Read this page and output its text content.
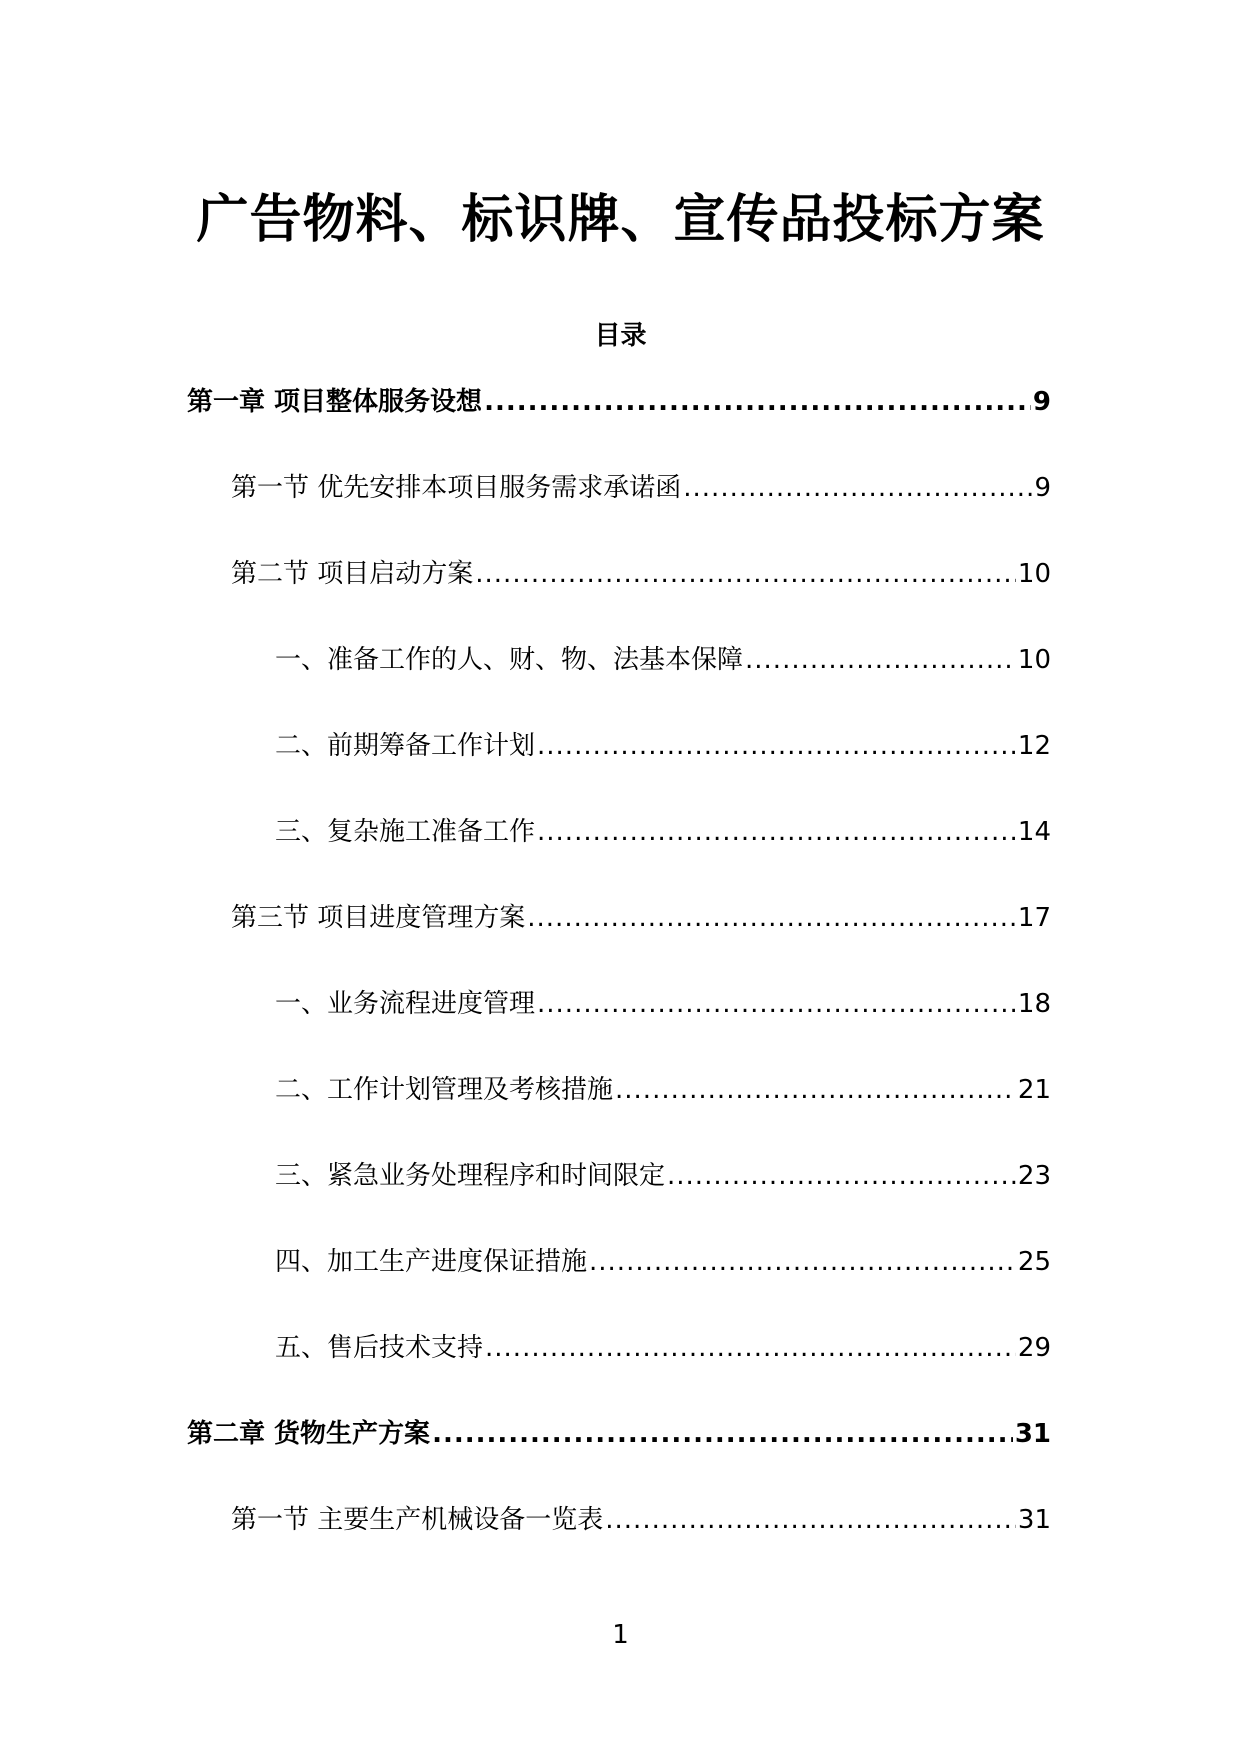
广告物料、标识牌、宣传品投标方案
目录
第一章 项目整体服务设想 .....	9
第一节 优先安排本项目服务需求承诺函 .....	9
第二节 项目启动方案 .....	10
一、准备工作的人、财、物、法基本保障 .....	10
二、前期筹备工作计划 .....	12
三、复杂施工准备工作 .....	14
第三节 项目进度管理方案 .....	17
一、业务流程进度管理 .....	18
二、工作计划管理及考核措施 .....	21
三、紧急业务处理程序和时间限定 .....	23
四、加工生产进度保证措施 .....	25
五、售后技术支持 .....	29
第二章 货物生产方案 .....	31
第一节 主要生产机械设备一览表 .....	31
1
